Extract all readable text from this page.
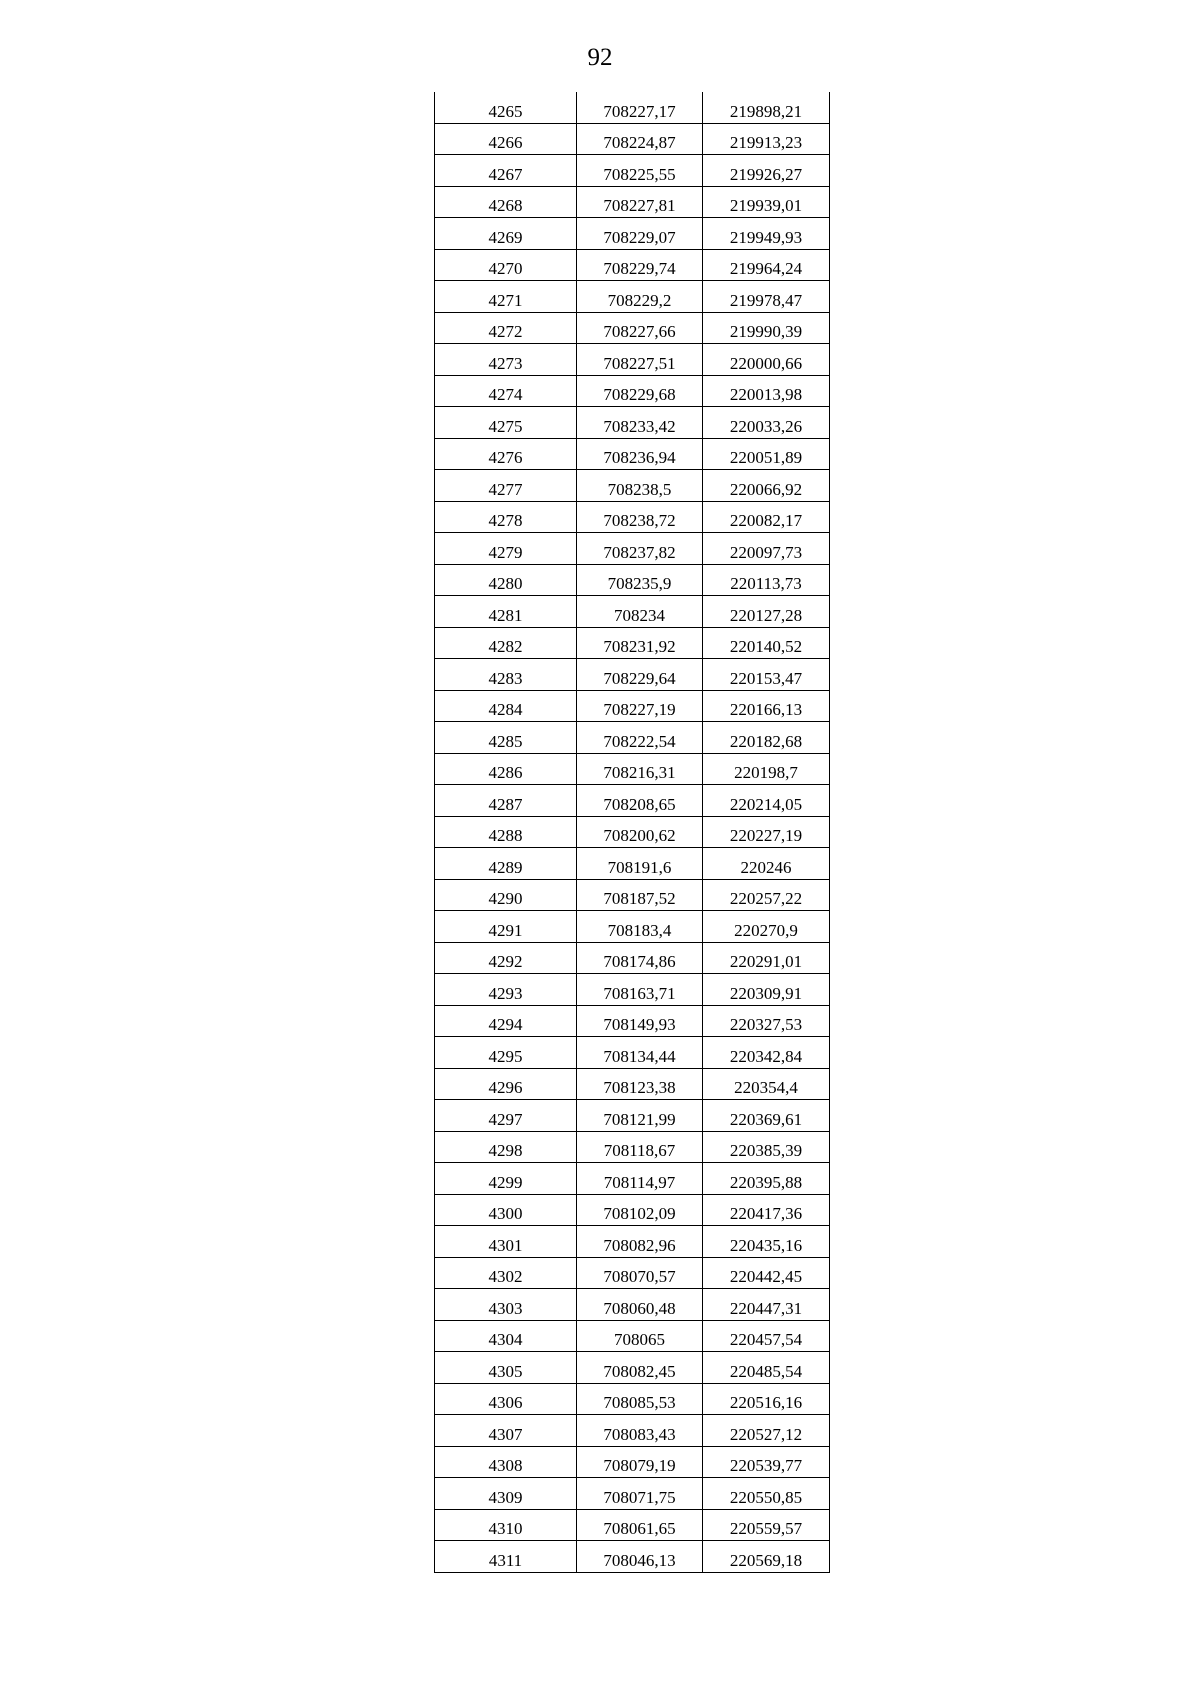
92
4265	708227,17	219898,21
4266	708224,87	219913,23
4267	708225,55	219926,27
4268	708227,81	219939,01
4269	708229,07	219949,93
4270	708229,74	219964,24
4271	708229,2	219978,47
4272	708227,66	219990,39
4273	708227,51	220000,66
4274	708229,68	220013,98
4275	708233,42	220033,26
4276	708236,94	220051,89
4277	708238,5	220066,92
4278	708238,72	220082,17
4279	708237,82	220097,73
4280	708235,9	220113,73
4281	708234	220127,28
4282	708231,92	220140,52
4283	708229,64	220153,47
4284	708227,19	220166,13
4285	708222,54	220182,68
4286	708216,31	220198,7
4287	708208,65	220214,05
4288	708200,62	220227,19
4289	708191,6	220246
4290	708187,52	220257,22
4291	708183,4	220270,9
4292	708174,86	220291,01
4293	708163,71	220309,91
4294	708149,93	220327,53
4295	708134,44	220342,84
4296	708123,38	220354,4
4297	708121,99	220369,61
4298	708118,67	220385,39
4299	708114,97	220395,88
4300	708102,09	220417,36
4301	708082,96	220435,16
4302	708070,57	220442,45
4303	708060,48	220447,31
4304	708065	220457,54
4305	708082,45	220485,54
4306	708085,53	220516,16
4307	708083,43	220527,12
4308	708079,19	220539,77
4309	708071,75	220550,85
4310	708061,65	220559,57
4311	708046,13	220569,18
